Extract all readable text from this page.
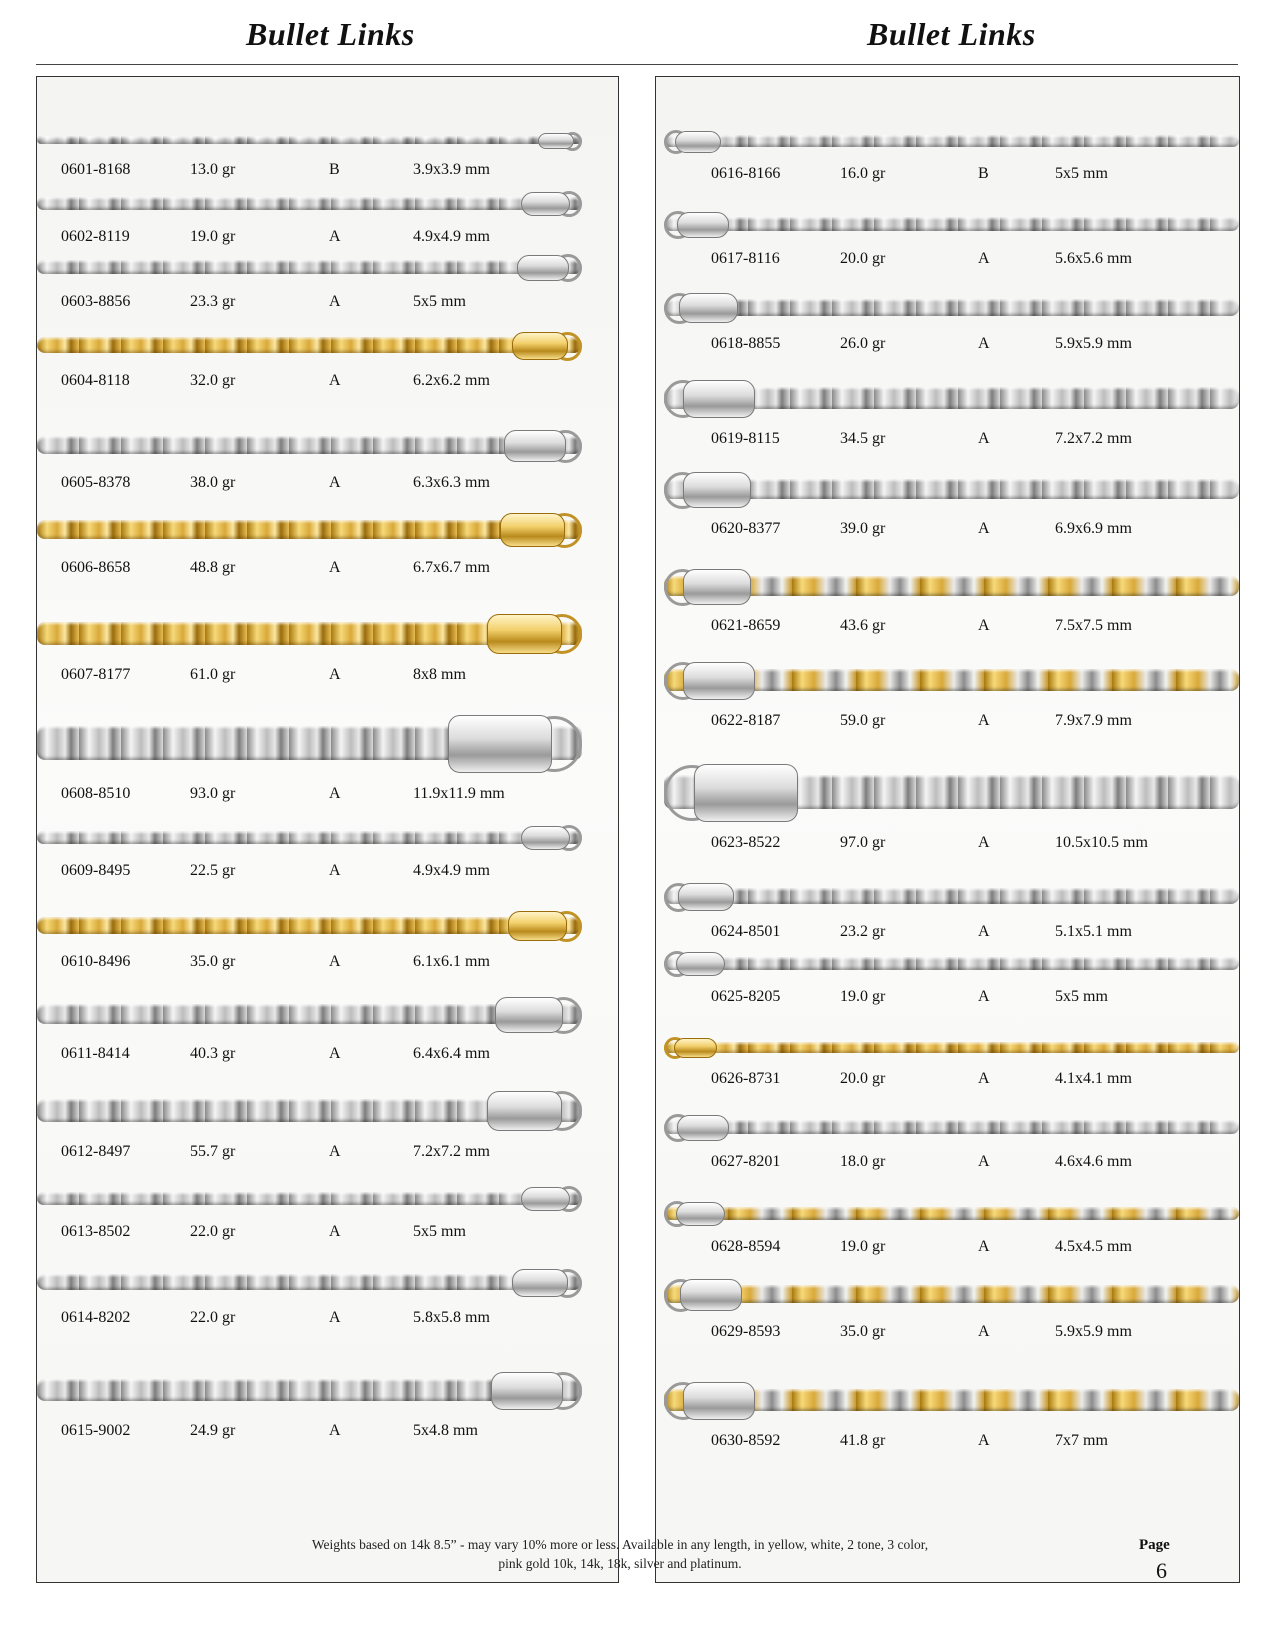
Bullet Links	Bullet Links
0601-8168	13.0 gr	B	3.9x3.9 mm
0602-8119	19.0 gr	A	4.9x4.9 mm
0603-8856	23.3 gr	A	5x5 mm
0604-8118	32.0 gr	A	6.2x6.2 mm
0605-8378	38.0 gr	A	6.3x6.3 mm
0606-8658	48.8 gr	A	6.7x6.7 mm
0607-8177	61.0 gr	A	8x8 mm
0608-8510	93.0 gr	A	11.9x11.9 mm
0609-8495	22.5 gr	A	4.9x4.9 mm
0610-8496	35.0 gr	A	6.1x6.1 mm
0611-8414	40.3 gr	A	6.4x6.4 mm
0612-8497	55.7 gr	A	7.2x7.2 mm
0613-8502	22.0 gr	A	5x5 mm
0614-8202	22.0 gr	A	5.8x5.8 mm
0615-9002	24.9 gr	A	5x4.8 mm
0616-8166	16.0 gr	B	5x5 mm
0617-8116	20.0 gr	A	5.6x5.6 mm
0618-8855	26.0 gr	A	5.9x5.9 mm
0619-8115	34.5 gr	A	7.2x7.2 mm
0620-8377	39.0 gr	A	6.9x6.9 mm
0621-8659	43.6 gr	A	7.5x7.5 mm
0622-8187	59.0 gr	A	7.9x7.9 mm
0623-8522	97.0 gr	A	10.5x10.5 mm
0624-8501	23.2 gr	A	5.1x5.1 mm
0625-8205	19.0 gr	A	5x5 mm
0626-8731	20.0 gr	A	4.1x4.1 mm
0627-8201	18.0 gr	A	4.6x4.6 mm
0628-8594	19.0 gr	A	4.5x4.5 mm
0629-8593	35.0 gr	A	5.9x5.9 mm
0630-8592	41.8 gr	A	7x7 mm
Weights based on 14k 8.5” - may vary 10% more or less. Available in any length, in yellow, white, 2 tone, 3 color,
pink gold 10k, 14k, 18k, silver and platinum.
Page
6
